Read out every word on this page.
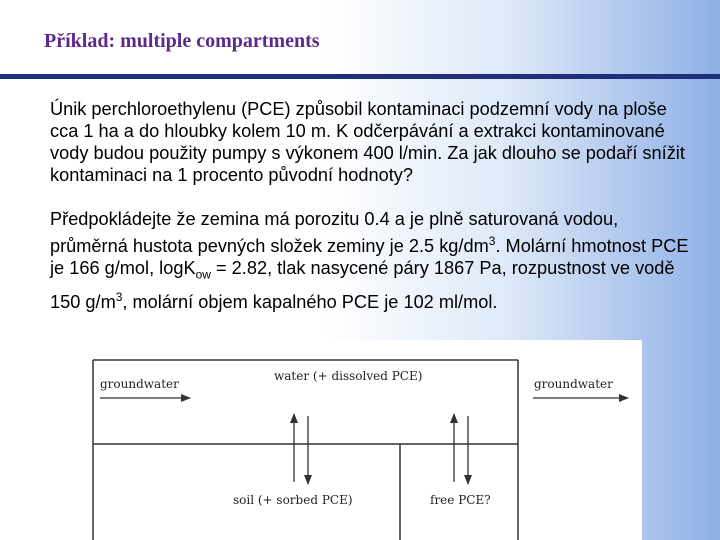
Příklad: multiple compartments

Únik perchloroethylenu (PCE) způsobil kontaminaci podzemní vody na ploše cca 1 ha a do hloubky kolem 10 m. K odčerpávání a extrakci kontaminované vody budou použity pumpy s výkonem 400 l/min. Za jak dlouho se podaří snížit kontaminaci na 1 procento původní hodnoty?

Předpokládejte že zemina má porozitu 0.4 a je plně saturovaná vodou, průměrná hustota pevných složek zeminy je 2.5 $kg/dm^3$. Molární hmotnost PCE je 166 g/mol, logK$_{ow}$ = 2.82, tlak nasycené páry 1867 Pa, rozpustnost ve vodě 150 $g/m^3$, molární objem kapalného PCE je 102 ml/mol.

groundwater	groundwater
water (+ dissolved PCE)
soil (+ sorbed PCE)	free PCE?
